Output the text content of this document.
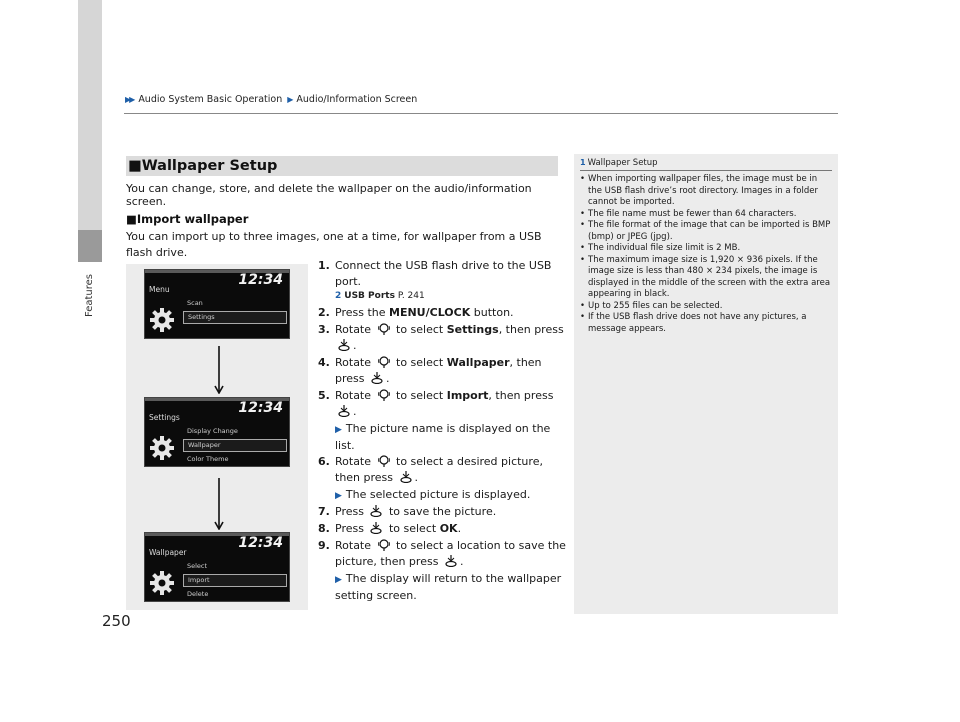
Features
▶▶ Audio System Basic Operation ▶ Audio/Information Screen
■Wallpaper Setup
You can change, store, and delete the wallpaper on the audio/information screen.
■Import wallpaper
You can import up to three images, one at a time, for wallpaper from a USB flash drive.
12:34
Menu
Scan
Settings
12:34
Settings
Display Change
Wallpaper
Color Theme
12:34
Wallpaper
Select
Import
Delete
1. Connect the USB flash drive to the USB port.
2 USB Ports P. 241
2. Press the MENU/CLOCK button.
3. Rotate to select Settings, then press .
4. Rotate to select Wallpaper, then press .
5. Rotate to select Import, then press .
▶ The picture name is displayed on the list.
6. Rotate to select a desired picture, then press .
▶ The selected picture is displayed.
7. Press to save the picture.
8. Press to select OK.
9. Rotate to select a location to save the picture, then press .
▶ The display will return to the wallpaper setting screen.
1 Wallpaper Setup
• When importing wallpaper files, the image must be in the USB flash drive’s root directory. Images in a folder cannot be imported.
• The file name must be fewer than 64 characters.
• The file format of the image that can be imported is BMP (bmp) or JPEG (jpg).
• The individual file size limit is 2 MB.
• The maximum image size is 1,920 × 936 pixels. If the image size is less than 480 × 234 pixels, the image is displayed in the middle of the screen with the extra area appearing in black.
• Up to 255 files can be selected.
• If the USB flash drive does not have any pictures, a message appears.
250
